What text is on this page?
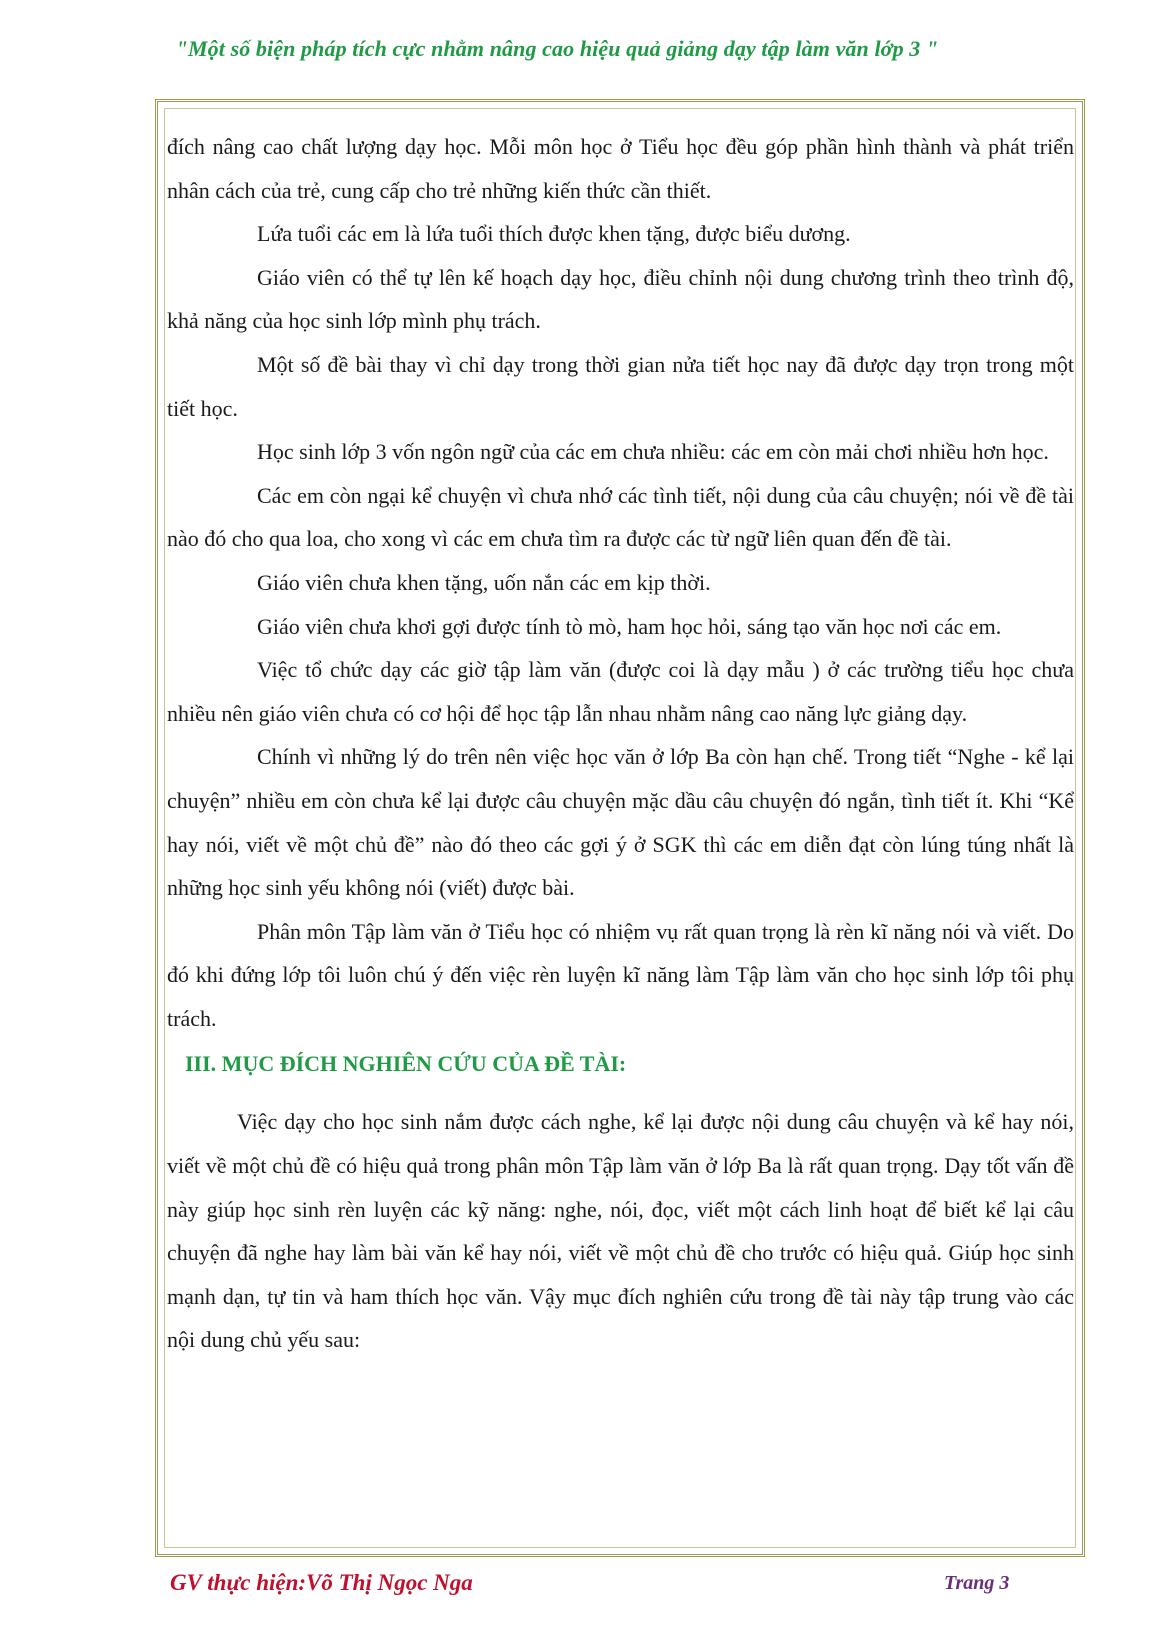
"Một số biện pháp tích cực nhằm nâng cao hiệu quả giảng dạy tập làm văn lớp 3 "

đích nâng cao chất lượng dạy học. Mỗi môn học ở Tiểu học đều góp phần hình thành và phát triển nhân cách của trẻ, cung cấp cho trẻ những kiến thức cần thiết.

Lứa tuổi các em là lứa tuổi thích được khen tặng, được biểu dương.

Giáo viên có thể tự lên kế hoạch dạy học, điều chỉnh nội dung chương trình theo trình độ, khả năng của học sinh lớp mình phụ trách.

Một số đề bài thay vì chỉ dạy trong thời gian nửa tiết học nay đã được dạy trọn trong một tiết học.

Học sinh lớp 3 vốn ngôn ngữ của các em chưa nhiều: các em còn mải chơi nhiều hơn học.

Các em còn ngại kể chuyện vì chưa nhớ các tình tiết, nội dung của câu chuyện; nói về đề tài nào đó cho qua loa, cho xong vì các em chưa tìm ra được các từ ngữ liên quan đến đề tài.

Giáo viên chưa khen tặng, uốn nắn các em kịp thời.

Giáo viên chưa khơi gợi được tính tò mò, ham học hỏi, sáng tạo văn học nơi các em.

Việc tổ chức dạy các giờ tập làm văn (được coi là dạy mẫu ) ở các trường tiểu học chưa nhiều nên giáo viên chưa có cơ hội để học tập lẫn nhau nhằm nâng cao năng lực giảng dạy.

Chính vì những lý do trên nên việc học văn ở lớp Ba còn hạn chế. Trong tiết “Nghe - kể lại chuyện” nhiều em còn chưa kể lại được câu chuyện mặc dầu câu chuyện đó ngắn, tình tiết ít. Khi “Kể hay nói, viết về một chủ đề” nào đó theo các gợi ý ở SGK thì các em diễn đạt còn lúng túng nhất là những học sinh yếu không nói (viết) được bài.

Phân môn Tập làm văn ở Tiểu học có nhiệm vụ rất quan trọng là rèn kĩ năng nói và viết. Do đó khi đứng lớp tôi luôn chú ý đến việc rèn luyện kĩ năng làm Tập làm văn cho học sinh lớp tôi phụ trách.

III. MỤC ĐÍCH NGHIÊN CỨU CỦA ĐỀ TÀI:

Việc dạy cho học sinh nắm được cách nghe, kể lại được nội dung câu chuyện và kể hay nói, viết về một chủ đề có hiệu quả trong phân môn Tập làm văn ở lớp Ba là rất quan trọng. Dạy tốt vấn đề này giúp học sinh rèn luyện các kỹ năng: nghe, nói, đọc, viết một cách linh hoạt để biết kể lại câu chuyện đã nghe hay làm bài văn kể hay nói, viết về một chủ đề cho trước có hiệu quả. Giúp học sinh mạnh dạn, tự tin và ham thích học văn. Vậy mục đích nghiên cứu trong đề tài này tập trung vào các nội dung chủ yếu sau:

GV thực hiện:Võ Thị Ngọc Nga	Trang 3
